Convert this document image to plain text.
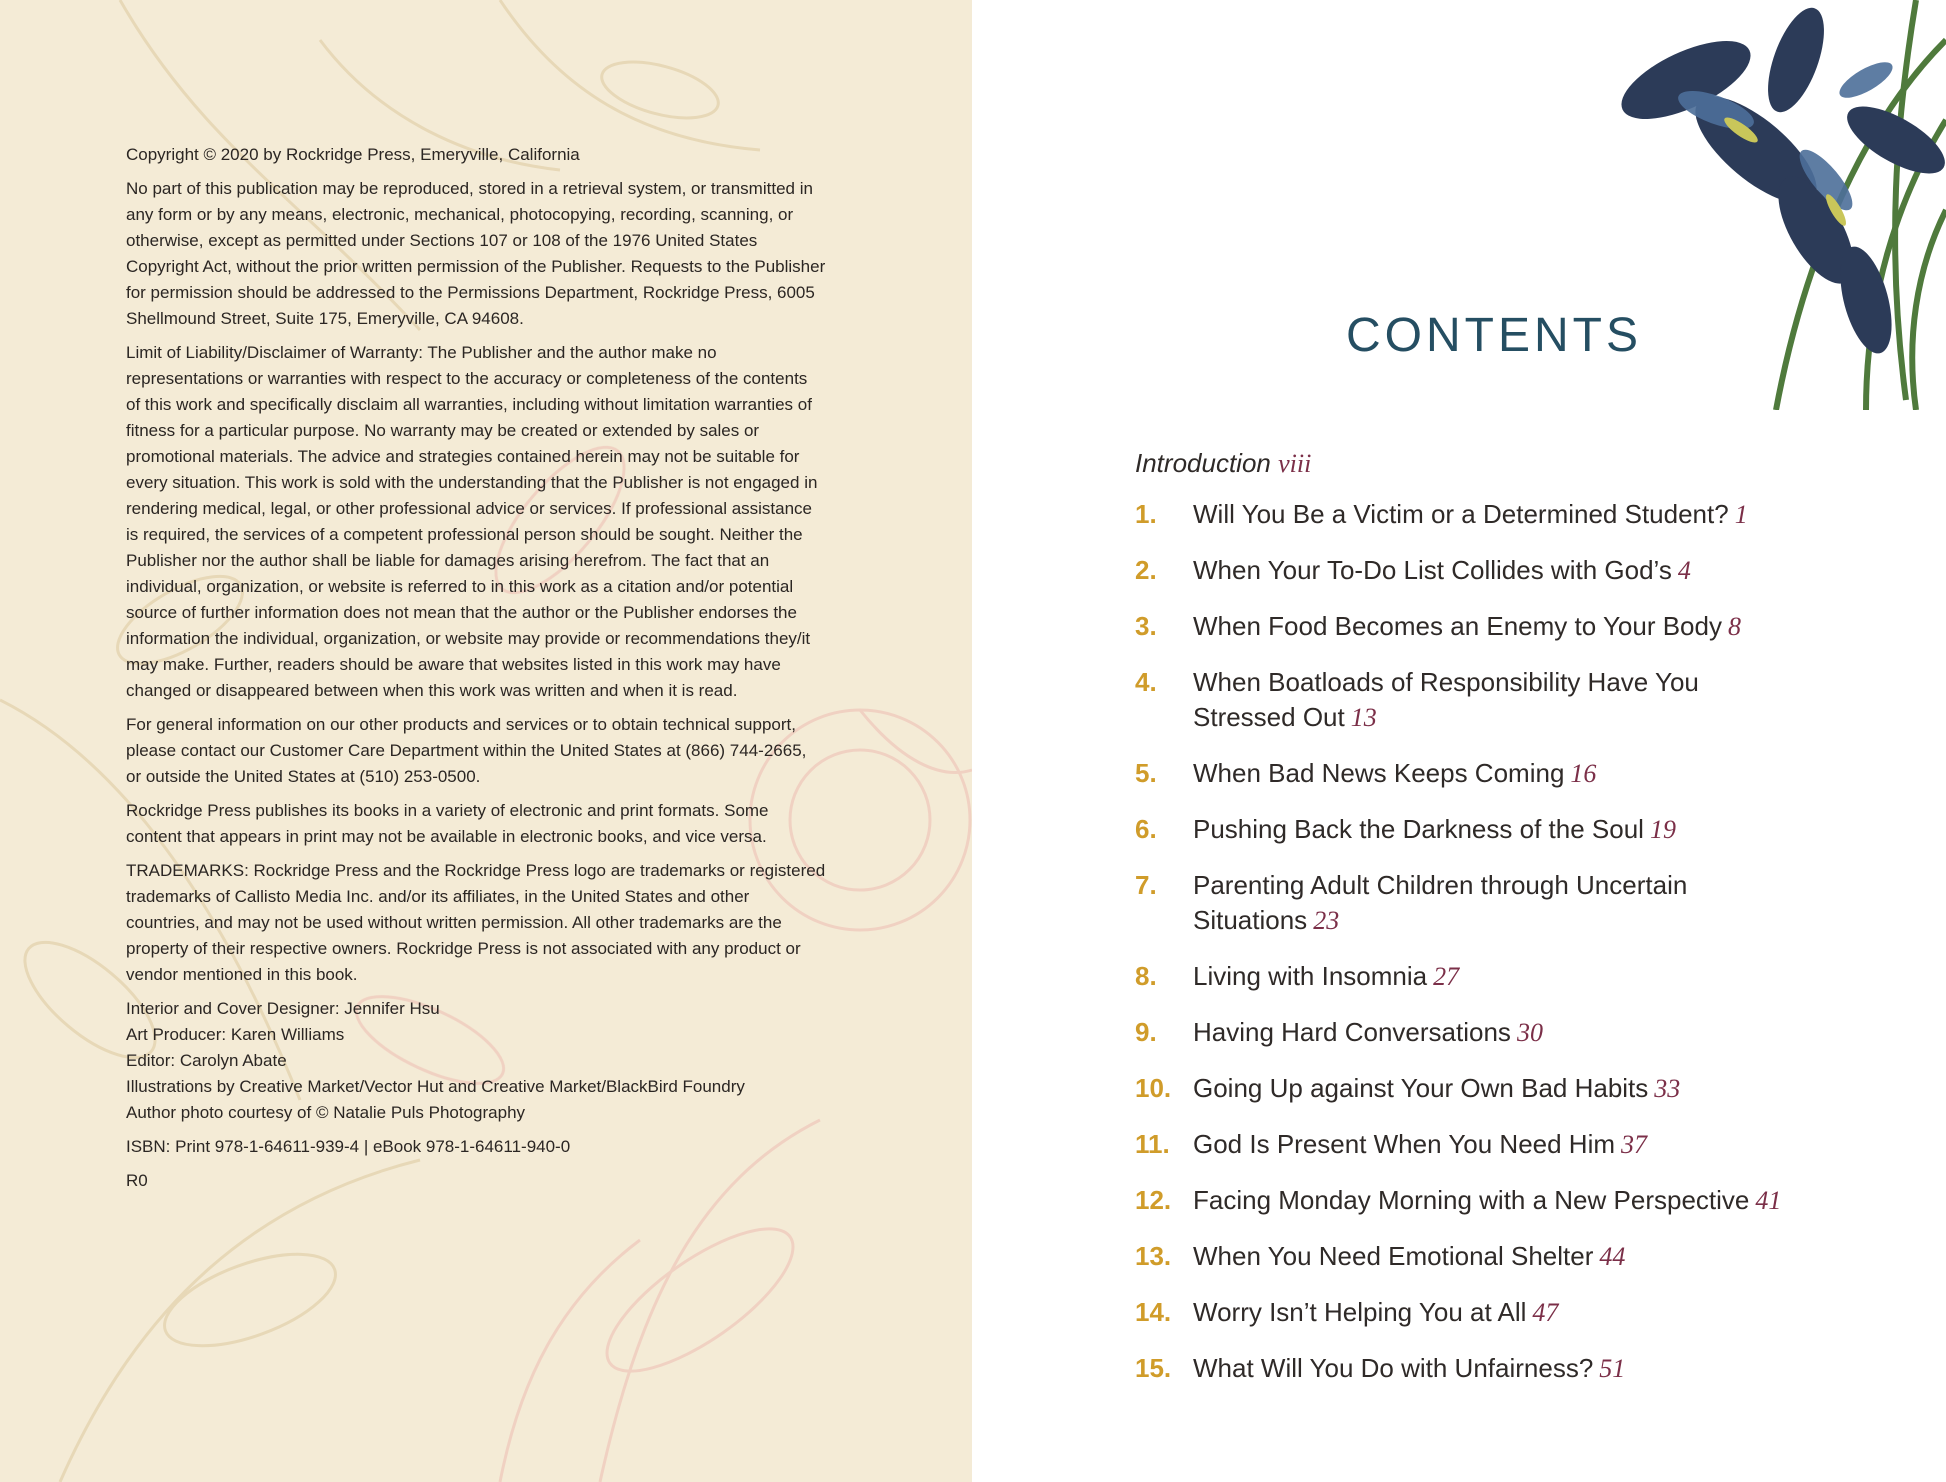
Copyright © 2020 by Rockridge Press, Emeryville, California

No part of this publication may be reproduced, stored in a retrieval system, or transmitted in any form or by any means, electronic, mechanical, photocopying, recording, scanning, or otherwise, except as permitted under Sections 107 or 108 of the 1976 United States Copyright Act, without the prior written permission of the Publisher. Requests to the Publisher for permission should be addressed to the Permissions Department, Rockridge Press, 6005 Shellmound Street, Suite 175, Emeryville, CA 94608.

Limit of Liability/Disclaimer of Warranty: The Publisher and the author make no representations or warranties with respect to the accuracy or completeness of the contents of this work and specifically disclaim all warranties, including without limitation warranties of fitness for a particular purpose. No warranty may be created or extended by sales or promotional materials. The advice and strategies contained herein may not be suitable for every situation. This work is sold with the understanding that the Publisher is not engaged in rendering medical, legal, or other professional advice or services. If professional assistance is required, the services of a competent professional person should be sought. Neither the Publisher nor the author shall be liable for damages arising herefrom. The fact that an individual, organization, or website is referred to in this work as a citation and/or potential source of further information does not mean that the author or the Publisher endorses the information the individual, organization, or website may provide or recommendations they/it may make. Further, readers should be aware that websites listed in this work may have changed or disappeared between when this work was written and when it is read.

For general information on our other products and services or to obtain technical support, please contact our Customer Care Department within the United States at (866) 744-2665, or outside the United States at (510) 253-0500.

Rockridge Press publishes its books in a variety of electronic and print formats. Some content that appears in print may not be available in electronic books, and vice versa.

TRADEMARKS: Rockridge Press and the Rockridge Press logo are trademarks or registered trademarks of Callisto Media Inc. and/or its affiliates, in the United States and other countries, and may not be used without written permission. All other trademarks are the property of their respective owners. Rockridge Press is not associated with any product or vendor mentioned in this book.

Interior and Cover Designer: Jennifer Hsu
Art Producer: Karen Williams
Editor: Carolyn Abate
Illustrations by Creative Market/Vector Hut and Creative Market/BlackBird Foundry
Author photo courtesy of © Natalie Puls Photography

ISBN: Print 978-1-64611-939-4 | eBook 978-1-64611-940-0

R0

CONTENTS
Introduction viii
1.	Will You Be a Victim or a Determined Student? 1
2.	When Your To-Do List Collides with God’s 4
3.	When Food Becomes an Enemy to Your Body 8
4.	When Boatloads of Responsibility Have You Stressed Out 13
5.	When Bad News Keeps Coming 16
6.	Pushing Back the Darkness of the Soul 19
7.	Parenting Adult Children through Uncertain Situations 23
8.	Living with Insomnia 27
9.	Having Hard Conversations 30
10. Going Up against Your Own Bad Habits 33
11. God Is Present When You Need Him 37
12. Facing Monday Morning with a New Perspective 41
13. When You Need Emotional Shelter 44
14. Worry Isn’t Helping You at All 47
15. What Will You Do with Unfairness? 51
